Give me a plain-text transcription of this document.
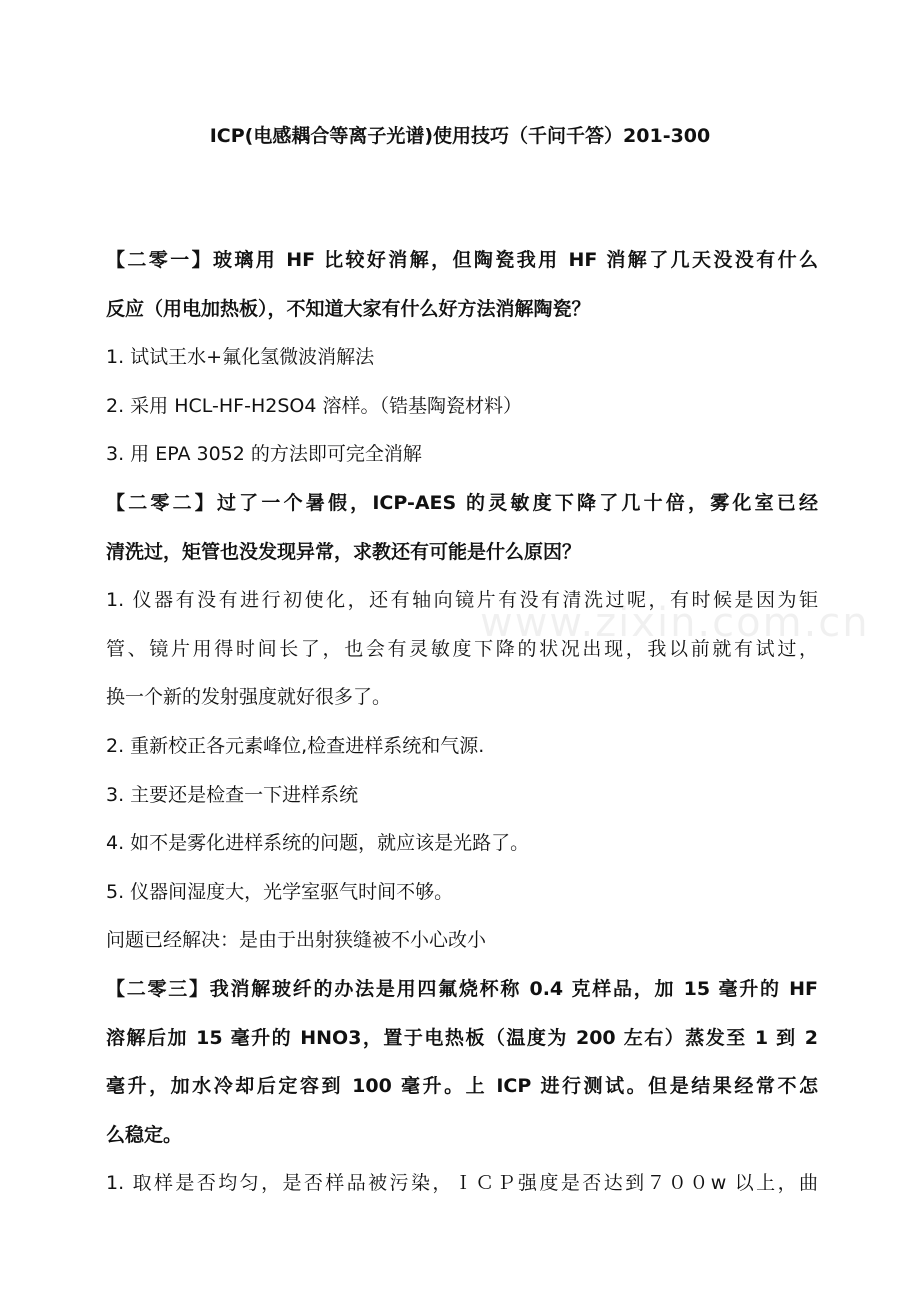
www.zixin.com.cn
ICP(电感耦合等离子光谱)使用技巧（千问千答）201-300
【二零一】玻璃用 HF 比较好消解，但陶瓷我用 HF 消解了几天没没有什么
反应（用电加热板），不知道大家有什么好方法消解陶瓷？
1. 试试王水+氟化氢微波消解法
2. 采用 HCL-HF-H2SO4 溶样。（锆基陶瓷材料）
3. 用 EPA 3052 的方法即可完全消解
【二零二】过了一个暑假，ICP-AES 的灵敏度下降了几十倍，雾化室已经
清洗过，矩管也没发现异常，求教还有可能是什么原因？
1. 仪器有没有进行初使化，还有轴向镜片有没有清洗过呢，有时候是因为钜
管、镜片用得时间长了，也会有灵敏度下降的状况出现，我以前就有试过，
换一个新的发射强度就好很多了。
2. 重新校正各元素峰位,检查进样系统和气源.
3. 主要还是检查一下进样系统
4. 如不是雾化进样系统的问题，就应该是光路了。
5. 仪器间湿度大，光学室驱气时间不够。
问题已经解决：是由于出射狭缝被不小心改小
【二零三】我消解玻纤的办法是用四氟烧杯称 0.4 克样品，加 15 毫升的 HF
溶解后加 15 毫升的 HNO3，置于电热板（温度为 200 左右）蒸发至 1 到 2
毫升，加水冷却后定容到 100 毫升。上 ICP 进行测试。但是结果经常不怎
么稳定。
1. 取样是否均匀，是否样品被污染，ＩＣＰ强度是否达到７００w 以上，曲
